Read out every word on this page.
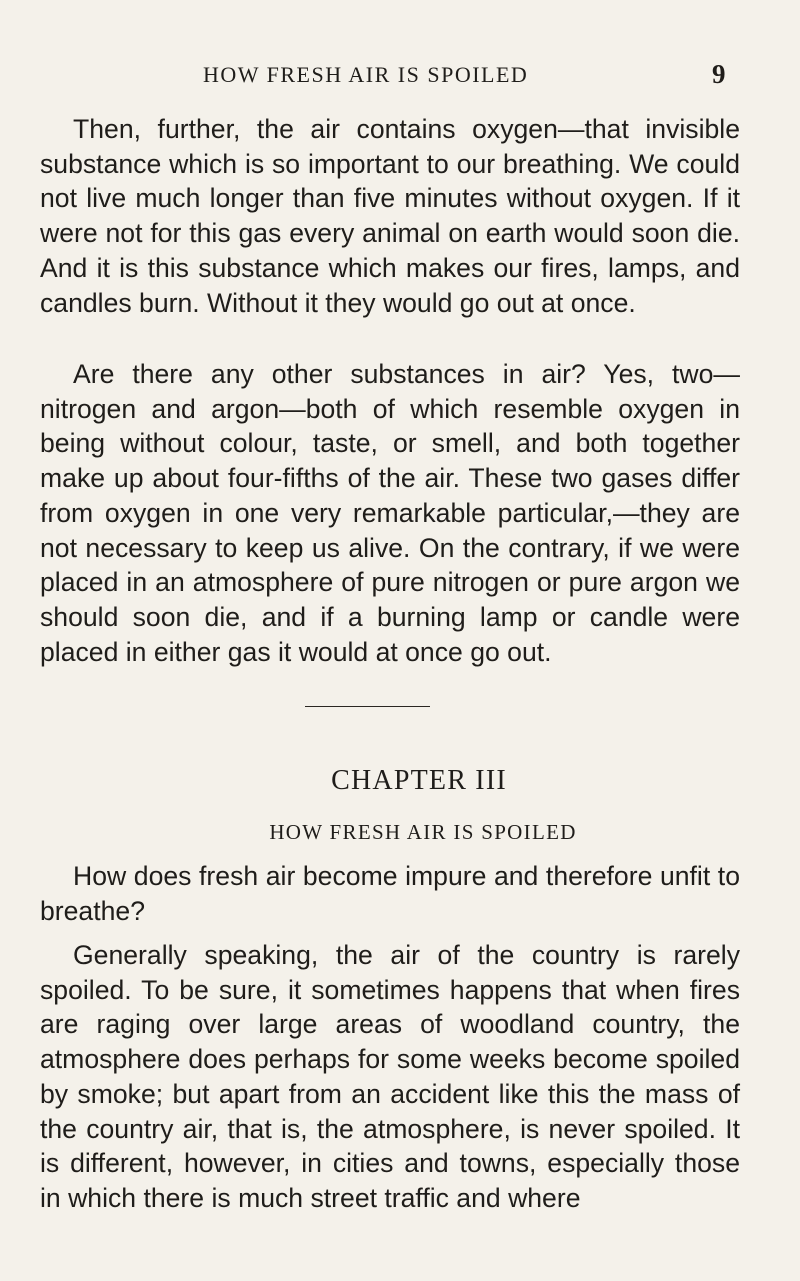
HOW FRESH AIR IS SPOILED	9

Then, further, the air contains oxygen—that invisible substance which is so important to our breathing. We could not live much longer than five minutes without oxygen. If it were not for this gas every animal on earth would soon die. And it is this substance which makes our fires, lamps, and candles burn. Without it they would go out at once.

Are there any other substances in air? Yes, two—nitrogen and argon—both of which resemble oxygen in being without colour, taste, or smell, and both together make up about four-fifths of the air. These two gases differ from oxygen in one very remarkable particular,—they are not necessary to keep us alive. On the contrary, if we were placed in an atmosphere of pure nitrogen or pure argon we should soon die, and if a burning lamp or candle were placed in either gas it would at once go out.

CHAPTER III
HOW FRESH AIR IS SPOILED

How does fresh air become impure and therefore unfit to breathe?

Generally speaking, the air of the country is rarely spoiled. To be sure, it sometimes happens that when fires are raging over large areas of woodland country, the atmosphere does perhaps for some weeks become spoiled by smoke; but apart from an accident like this the mass of the country air, that is, the atmosphere, is never spoiled. It is different, however, in cities and towns, especially those in which there is much street traffic and where
